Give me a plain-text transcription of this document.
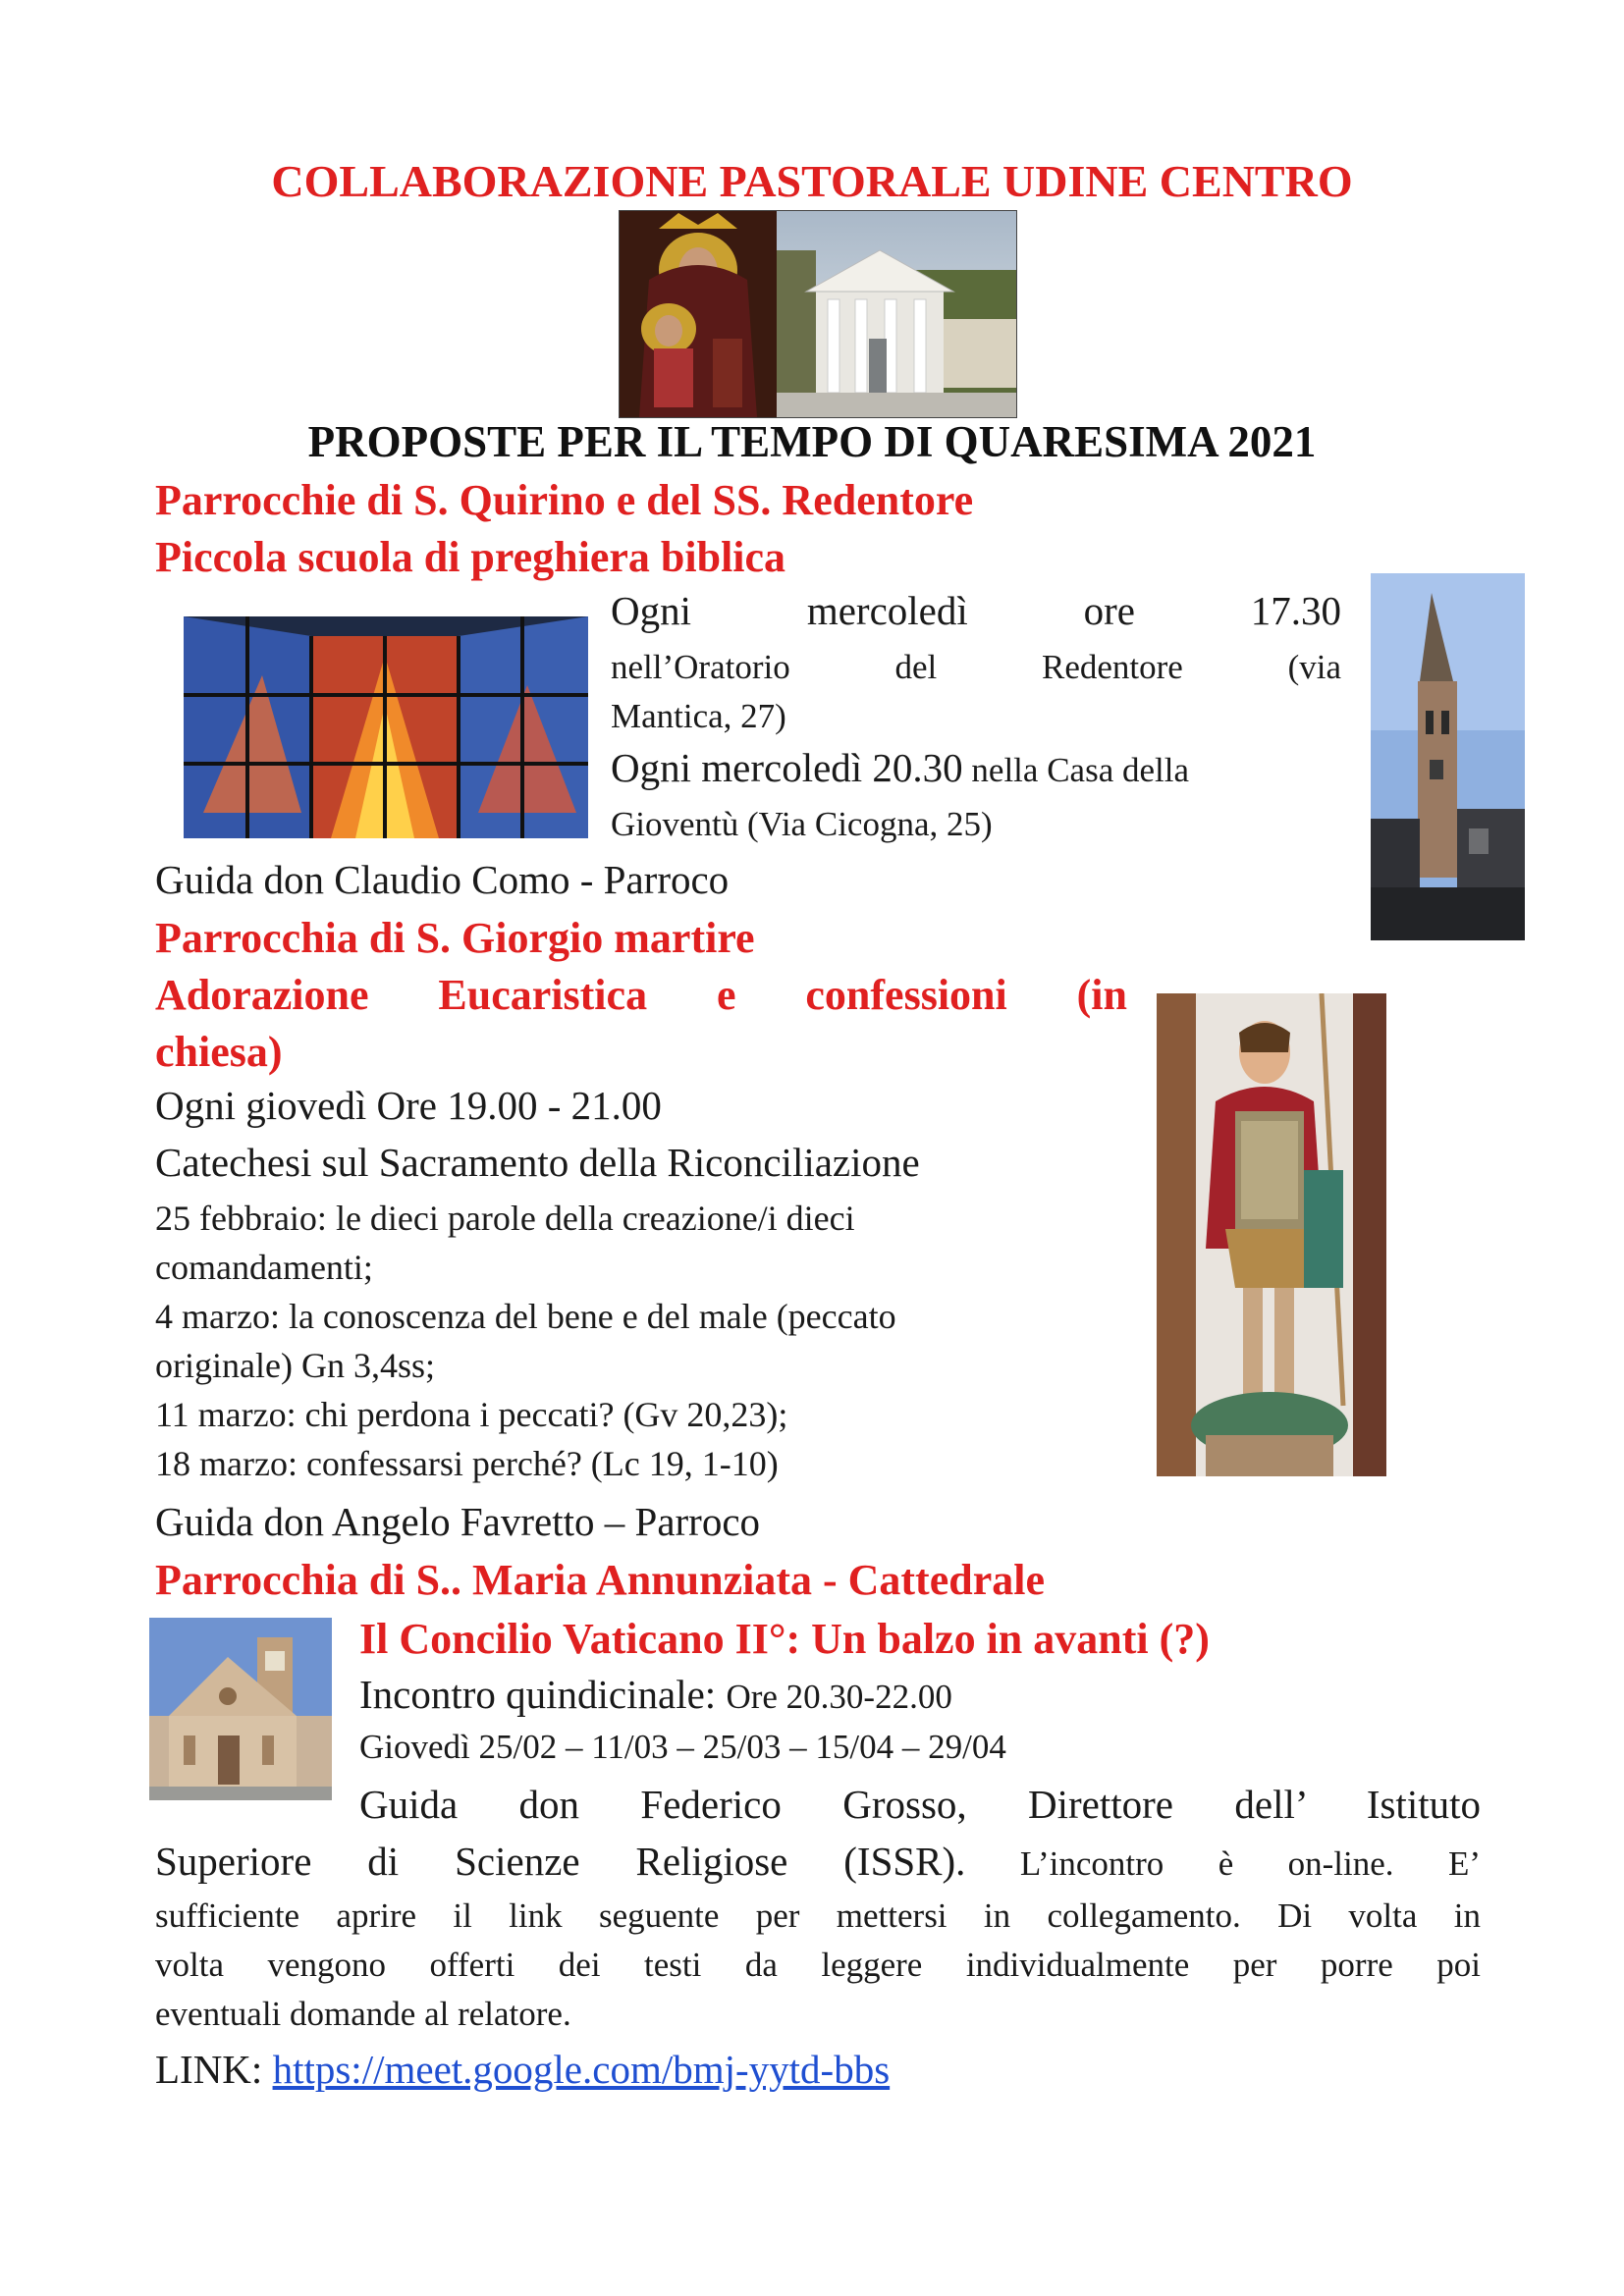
COLLABORAZIONE PASTORALE UDINE CENTRO
PROPOSTE PER IL TEMPO DI QUARESIMA 2021
Parrocchie di S. Quirino e del SS. Redentore
Piccola scuola di preghiera biblica
Ogni	mercoledì	ore	17.30
nell’Oratorio del Redentore (via
Mantica, 27)
Ogni mercoledì 20.30 nella Casa della
Gioventù (Via Cicogna, 25)
Guida don Claudio Como - Parroco
Parrocchia di S. Giorgio martire
Adorazione Eucaristica e confessioni (in
chiesa)
Ogni giovedì Ore 19.00 - 21.00
Catechesi sul Sacramento della Riconciliazione
25 febbraio: le dieci parole della creazione/i dieci
comandamenti;
4 marzo: la conoscenza del bene e del male (peccato
originale) Gn 3,4ss;
11 marzo: chi perdona i peccati? (Gv 20,23);
18 marzo: confessarsi perché? (Lc 19, 1-10)
Guida don Angelo Favretto – Parroco
Parrocchia di S.. Maria Annunziata - Cattedrale
Il Concilio Vaticano II°: Un balzo in avanti (?)
Incontro quindicinale: Ore 20.30-22.00
Giovedì 25/02 – 11/03 – 25/03 – 15/04 – 29/04
Guida don Federico Grosso, Direttore dell’ Istituto
Superiore di Scienze Religiose (ISSR). L’incontro è on-line. E’
sufficiente aprire il link seguente per mettersi in collegamento. Di volta in
volta vengono offerti dei testi da leggere individualmente per porre poi
eventuali domande al relatore.
LINK: https://meet.google.com/bmj-yytd-bbs
